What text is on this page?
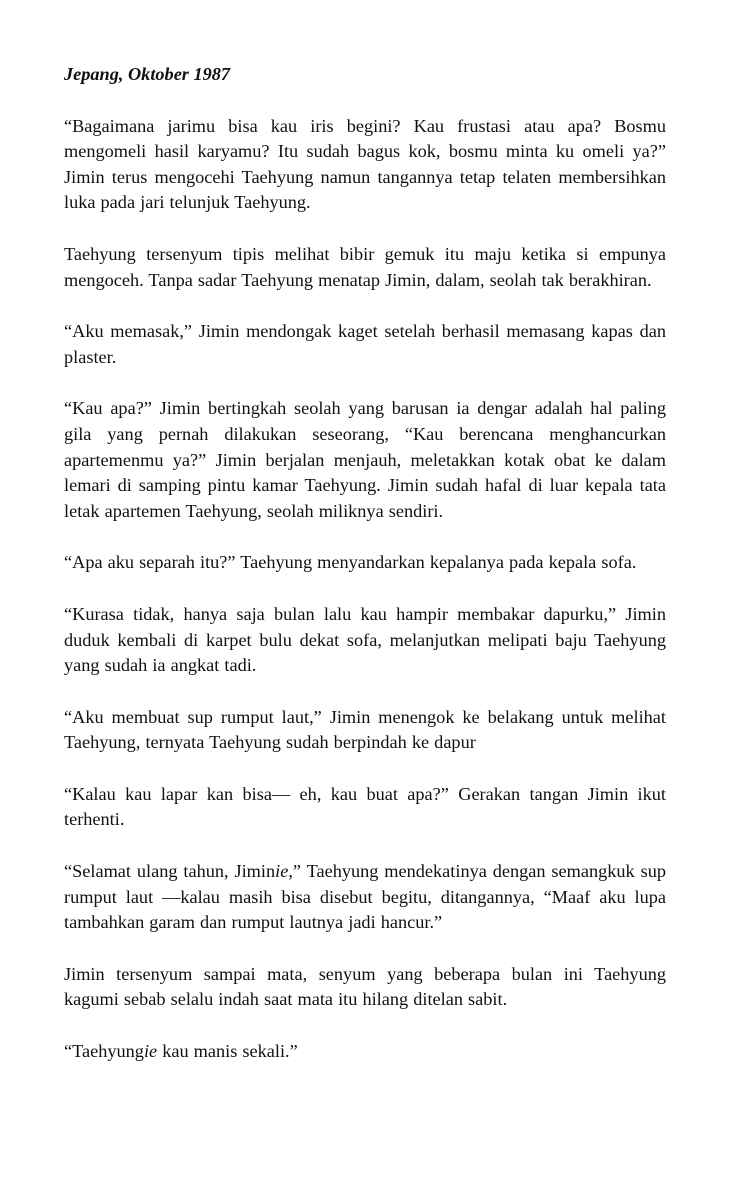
Jepang, Oktober 1987

“Bagaimana jarimu bisa kau iris begini? Kau frustasi atau apa? Bosmu mengomeli hasil karyamu? Itu sudah bagus kok, bosmu minta ku omeli ya?” Jimin terus mengocehi Taehyung namun tangannya tetap telaten membersihkan luka pada jari telunjuk Taehyung.

Taehyung tersenyum tipis melihat bibir gemuk itu maju ketika si empunya mengoceh. Tanpa sadar Taehyung menatap Jimin, dalam, seolah tak berakhiran.

“Aku memasak,” Jimin mendongak kaget setelah berhasil memasang kapas dan plaster.

“Kau apa?” Jimin bertingkah seolah yang barusan ia dengar adalah hal paling gila yang pernah dilakukan seseorang, “Kau berencana menghancurkan apartemenmu ya?” Jimin berjalan menjauh, meletakkan kotak obat ke dalam lemari di samping pintu kamar Taehyung. Jimin sudah hafal di luar kepala tata letak apartemen Taehyung, seolah miliknya sendiri.

“Apa aku separah itu?” Taehyung menyandarkan kepalanya pada kepala sofa.

“Kurasa tidak, hanya saja bulan lalu kau hampir membakar dapurku,” Jimin duduk kembali di karpet bulu dekat sofa, melanjutkan melipati baju Taehyung yang sudah ia angkat tadi.

“Aku membuat sup rumput laut,” Jimin menengok ke belakang untuk melihat Taehyung, ternyata Taehyung sudah berpindah ke dapur

“Kalau kau lapar kan bisa— eh, kau buat apa?” Gerakan tangan Jimin ikut terhenti.

“Selamat ulang tahun, Jiminie,” Taehyung mendekatinya dengan semangkuk sup rumput laut —kalau masih bisa disebut begitu, ditangannya, “Maaf aku lupa tambahkan garam dan rumput lautnya jadi hancur.”

Jimin tersenyum sampai mata, senyum yang beberapa bulan ini Taehyung kagumi sebab selalu indah saat mata itu hilang ditelan sabit.

“Taehyungie kau manis sekali.”
